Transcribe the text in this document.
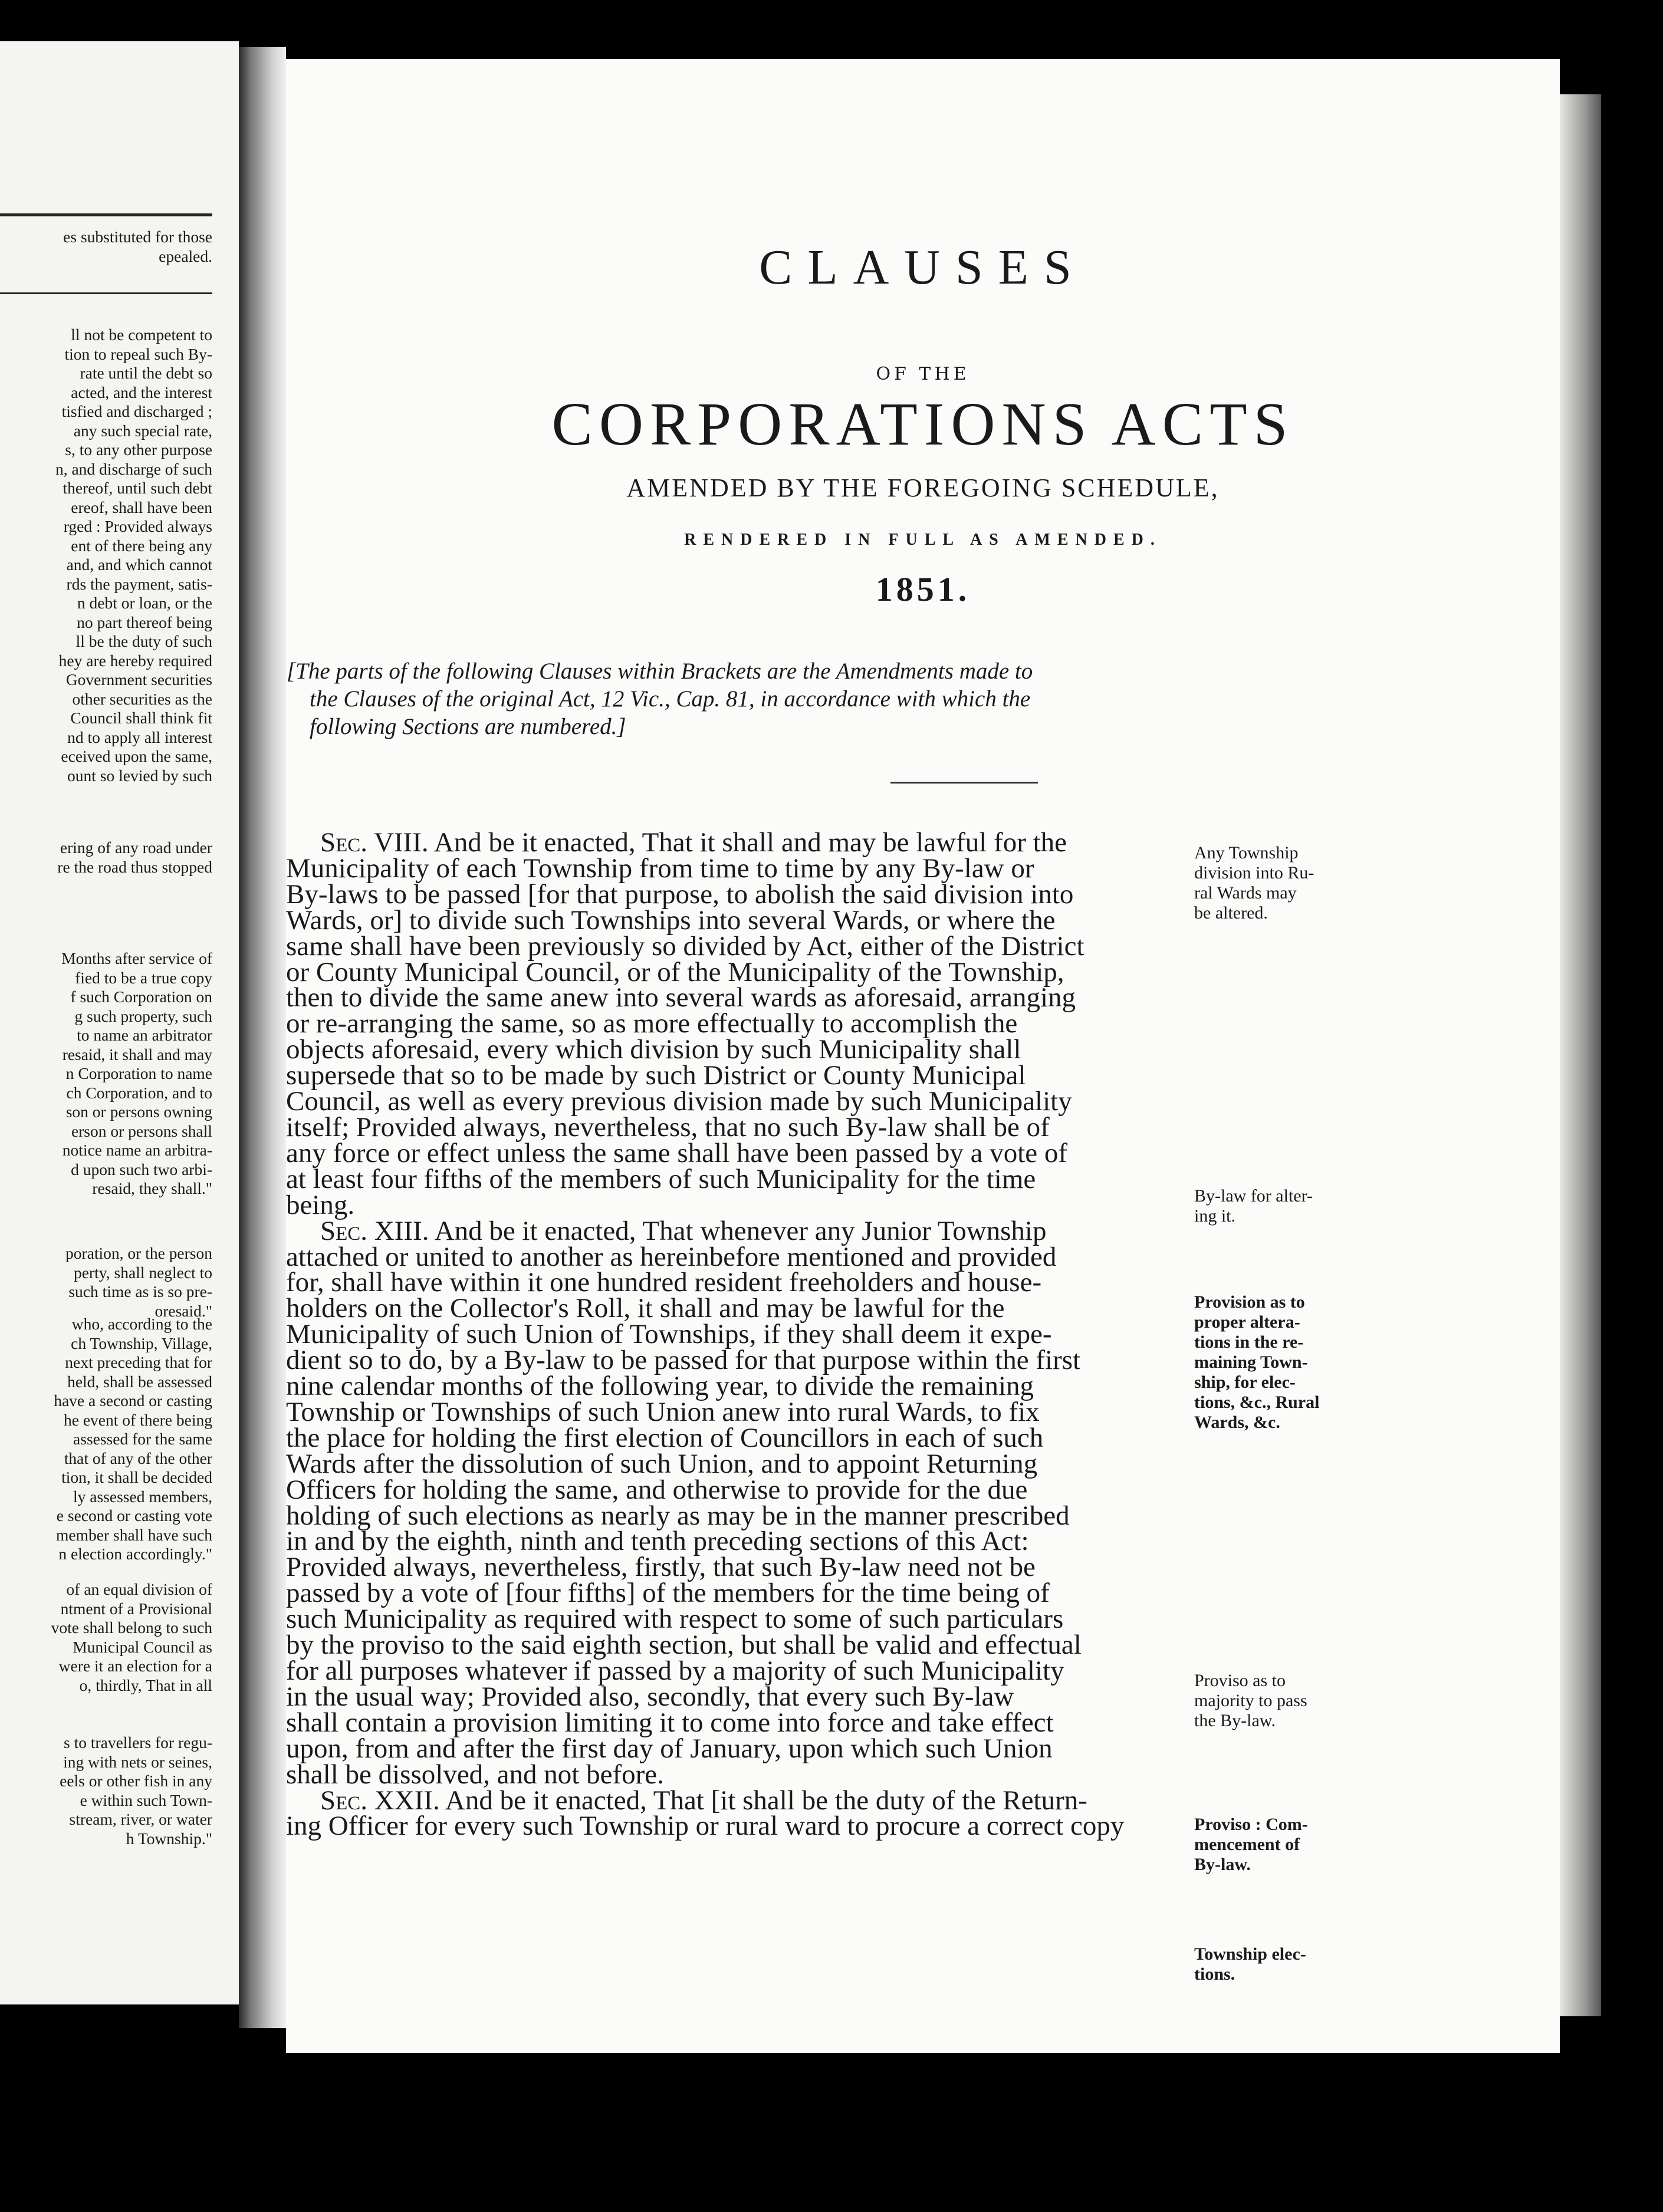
es substituted for those
epealed.
ll not be competent to
tion to repeal such By-
rate until the debt so
acted, and the interest
tisfied and discharged ;
any such special rate,
s, to any other purpose
n, and discharge of such
thereof, until such debt
ereof, shall have been
rged : Provided always
ent of there being any
and, and which cannot
rds the payment, satis-
n debt or loan, or the
no part thereof being
ll be the duty of such
hey are hereby required
Government securities
other securities as the
Council shall think fit
nd to apply all interest
eceived upon the same,
ount so levied by such
ering of any road under
re the road thus stopped
Months after service of
fied to be a true copy
f such Corporation on
g such property, such
to name an arbitrator
resaid, it shall and may
n Corporation to name
ch Corporation, and to
son or persons owning
erson or persons shall
notice name an arbitra-
d upon such two arbi-
resaid, they shall."
poration, or the person
perty, shall neglect to
such time as is so pre-
oresaid."
who, according to the
ch Township, Village,
next preceding that for
held, shall be assessed
have a second or casting
he event of there being
assessed for the same
that of any of the other
tion, it shall be decided
ly assessed members,
e second or casting vote
member shall have such
n election accordingly."
of an equal division of
ntment of a Provisional
vote shall belong to such
Municipal Council as
were it an election for a
o, thirdly, That in all
s to travellers for regu-
ing with nets or seines,
eels or other fish in any
e within such Town-
stream, river, or water
h Township."
CLAUSES
OF THE
CORPORATIONS ACTS
AMENDED BY THE FOREGOING SCHEDULE,
RENDERED IN FULL AS AMENDED.
1851.
[The parts of the following Clauses within Brackets are the Amendments made to
the Clauses of the original Act, 12 Vic., Cap. 81, in accordance with which the
following Sections are numbered.]
Sec. VIII. And be it enacted, That it shall and may be lawful for the
Municipality of each Township from time to time by any By-law or
By-laws to be passed [for that purpose, to abolish the said division into
Wards, or] to divide such Townships into several Wards, or where the
same shall have been previously so divided by Act, either of the District
or County Municipal Council, or of the Municipality of the Township,
then to divide the same anew into several wards as aforesaid, arranging
or re-arranging the same, so as more effectually to accomplish the
objects aforesaid, every which division by such Municipality shall
supersede that so to be made by such District or County Municipal
Council, as well as every previous division made by such Municipality
itself; Provided always, nevertheless, that no such By-law shall be of
any force or effect unless the same shall have been passed by a vote of
at least four fifths of the members of such Municipality for the time
being.
Sec. XIII. And be it enacted, That whenever any Junior Township
attached or united to another as hereinbefore mentioned and provided
for, shall have within it one hundred resident freeholders and house-
holders on the Collector's Roll, it shall and may be lawful for the
Municipality of such Union of Townships, if they shall deem it expe-
dient so to do, by a By-law to be passed for that purpose within the first
nine calendar months of the following year, to divide the remaining
Township or Townships of such Union anew into rural Wards, to fix
the place for holding the first election of Councillors in each of such
Wards after the dissolution of such Union, and to appoint Returning
Officers for holding the same, and otherwise to provide for the due
holding of such elections as nearly as may be in the manner prescribed
in and by the eighth, ninth and tenth preceding sections of this Act:
Provided always, nevertheless, firstly, that such By-law need not be
passed by a vote of [four fifths] of the members for the time being of
such Municipality as required with respect to some of such particulars
by the proviso to the said eighth section, but shall be valid and effectual
for all purposes whatever if passed by a majority of such Municipality
in the usual way; Provided also, secondly, that every such By-law
shall contain a provision limiting it to come into force and take effect
upon, from and after the first day of January, upon which such Union
shall be dissolved, and not before.
Sec. XXII. And be it enacted, That [it shall be the duty of the Return-
ing Officer for every such Township or rural ward to procure a correct copy
Any Township
division into Ru-
ral Wards may
be altered.
By-law for alter-
ing it.
Provision as to
proper altera-
tions in the re-
maining Town-
ship, for elec-
tions, &c., Rural
Wards, &c.
Proviso as to
majority to pass
the By-law.
Proviso : Com-
mencement of
By-law.
Township elec-
tions.
